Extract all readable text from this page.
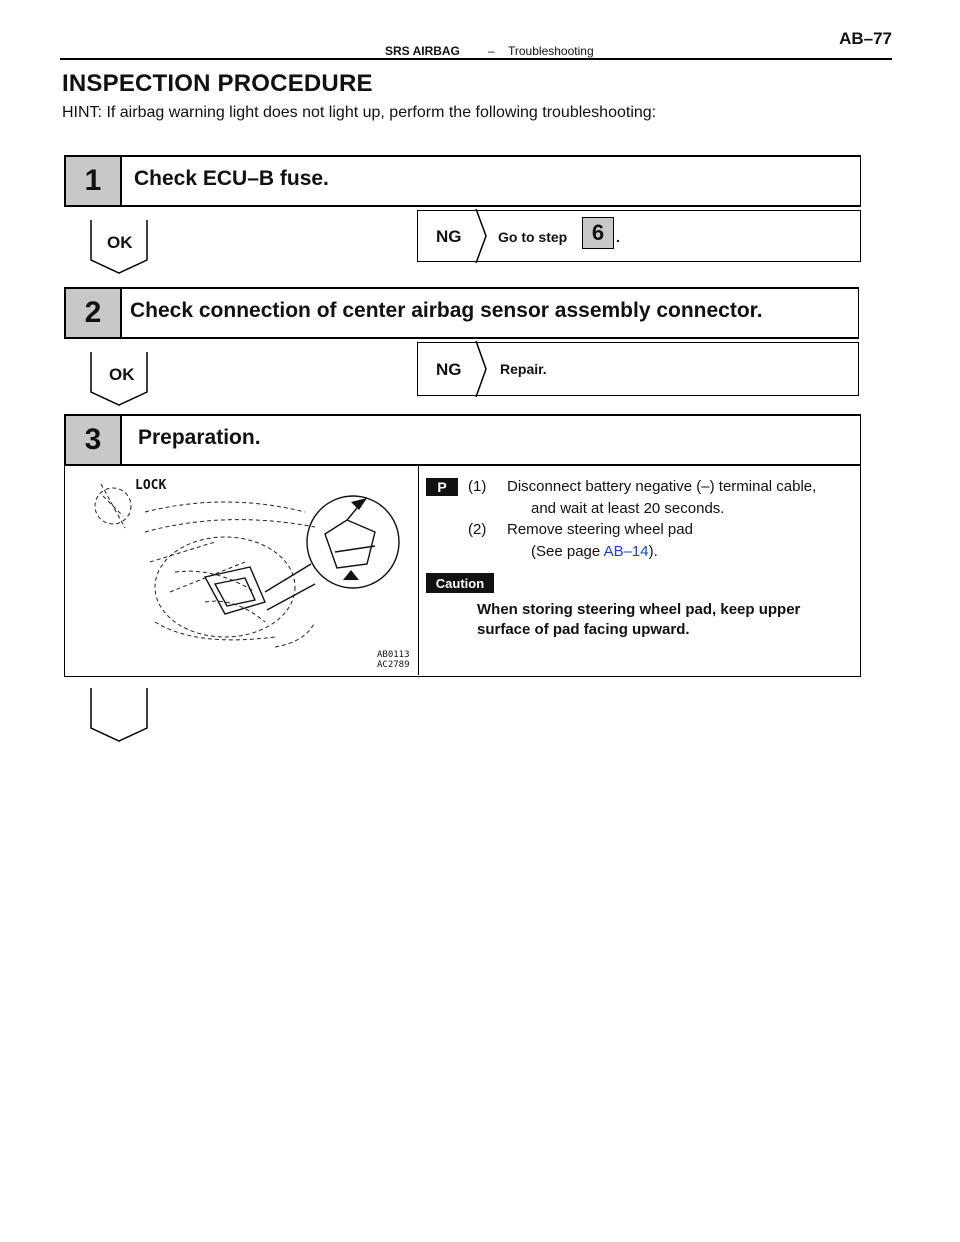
SRS AIRBAG – Troubleshooting
AB–77
INSPECTION PROCEDURE
HINT: If airbag warning light does not light up, perform the following troubleshooting:
1	Check ECU–B fuse.
NG	Go to step	6 .
OK
2	Check connection of center airbag sensor assembly connector.
NG	Repair.
OK
3	Preparation.
LOCK
AB0113
AC2789
P	(1) Disconnect battery negative (–) terminal cable,
and wait at least 20 seconds.
(2) Remove steering wheel pad
(See page AB–14).
Caution
When storing steering wheel pad, keep upper
surface of pad facing upward.
